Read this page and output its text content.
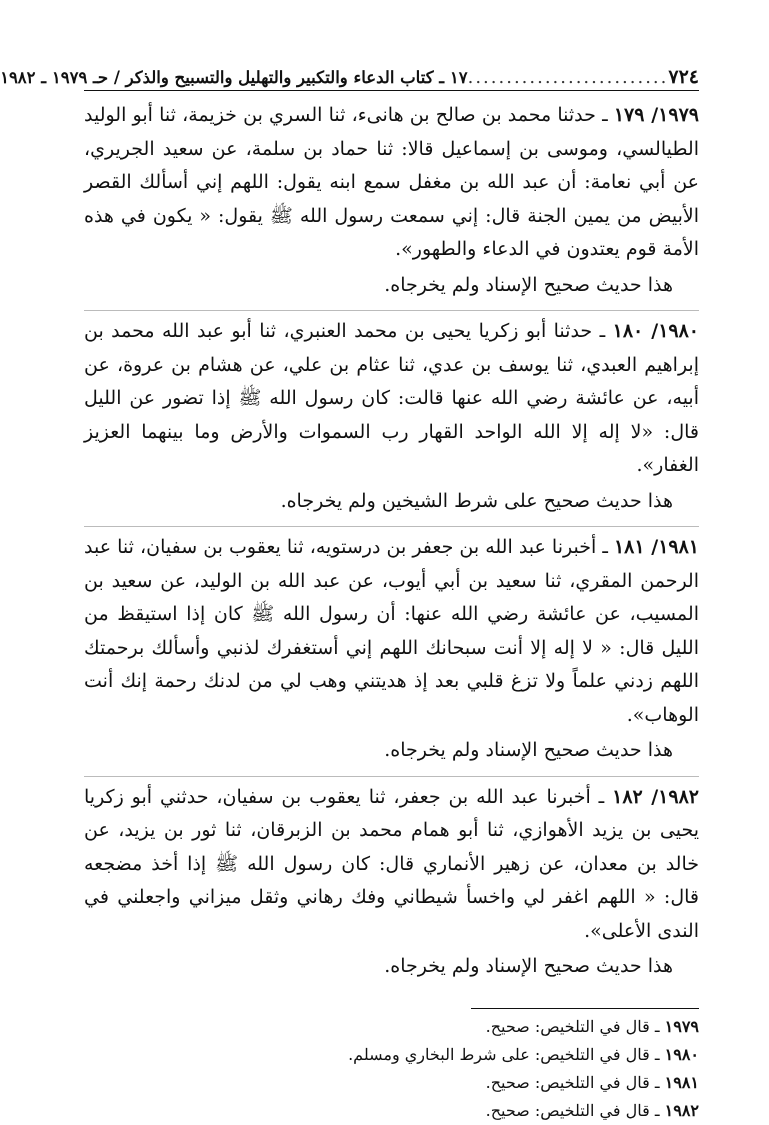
٧٢٤
..........................
١٧ ـ كتاب الدعاء والتكبير والتهليل والتسبيح والذكر / حـ ١٩٧٩ ـ ١٩٨٢

١٩٧٩/ ١٧٩ ـ حدثنا محمد بن صالح بن هانىء، ثنا السري بن خزيمة، ثنا أبو الوليد الطيالسي، وموسى بن إسماعيل قالا: ثنا حماد بن سلمة، عن سعيد الجريري، عن أبي نعامة: أن عبد الله بن مغفل سمع ابنه يقول: اللهم إني أسألك القصر الأبيض من يمين الجنة قال: إني سمعت رسول الله ﷺ يقول: « يكون في هذه الأمة قوم يعتدون في الدعاء والطهور».

هذا حديث صحيح الإسناد ولم يخرجاه.

١٩٨٠/ ١٨٠ ـ حدثنا أبو زكريا يحيى بن محمد العنبري، ثنا أبو عبد الله محمد بن إبراهيم العبدي، ثنا يوسف بن عدي، ثنا عثام بن علي، عن هشام بن عروة، عن أبيه، عن عائشة رضي الله عنها قالت: كان رسول الله ﷺ إذا تضور عن الليل قال: «لا إله إلا الله الواحد القهار رب السموات والأرض وما بينهما العزيز الغفار».

هذا حديث صحيح على شرط الشيخين ولم يخرجاه.

١٩٨١/ ١٨١ ـ أخبرنا عبد الله بن جعفر بن درستويه، ثنا يعقوب بن سفيان، ثنا عبد الرحمن المقري، ثنا سعيد بن أبي أيوب، عن عبد الله بن الوليد، عن سعيد بن المسيب، عن عائشة رضي الله عنها: أن رسول الله ﷺ كان إذا استيقظ من الليل قال: « لا إله إلا أنت سبحانك اللهم إني أستغفرك لذنبي وأسألك برحمتك اللهم زدني علماً ولا تزغ قلبي بعد إذ هديتني وهب لي من لدنك رحمة إنك أنت الوهاب».

هذا حديث صحيح الإسناد ولم يخرجاه.

١٩٨٢/ ١٨٢ ـ أخبرنا عبد الله بن جعفر، ثنا يعقوب بن سفيان، حدثني أبو زكريا يحيى بن يزيد الأهوازي، ثنا أبو همام محمد بن الزبرقان، ثنا ثور بن يزيد، عن خالد بن معدان، عن زهير الأنماري قال: كان رسول الله ﷺ إذا أخذ مضجعه قال: « اللهم اغفر لي واخسأ شيطاني وفك رهاني وثقل ميزاني واجعلني في الندى الأعلى».

هذا حديث صحيح الإسناد ولم يخرجاه.

١٩٧٩ ـ قال في التلخيص: صحيح.
١٩٨٠ ـ قال في التلخيص: على شرط البخاري ومسلم.
١٩٨١ ـ قال في التلخيص: صحيح.
١٩٨٢ ـ قال في التلخيص: صحيح.
